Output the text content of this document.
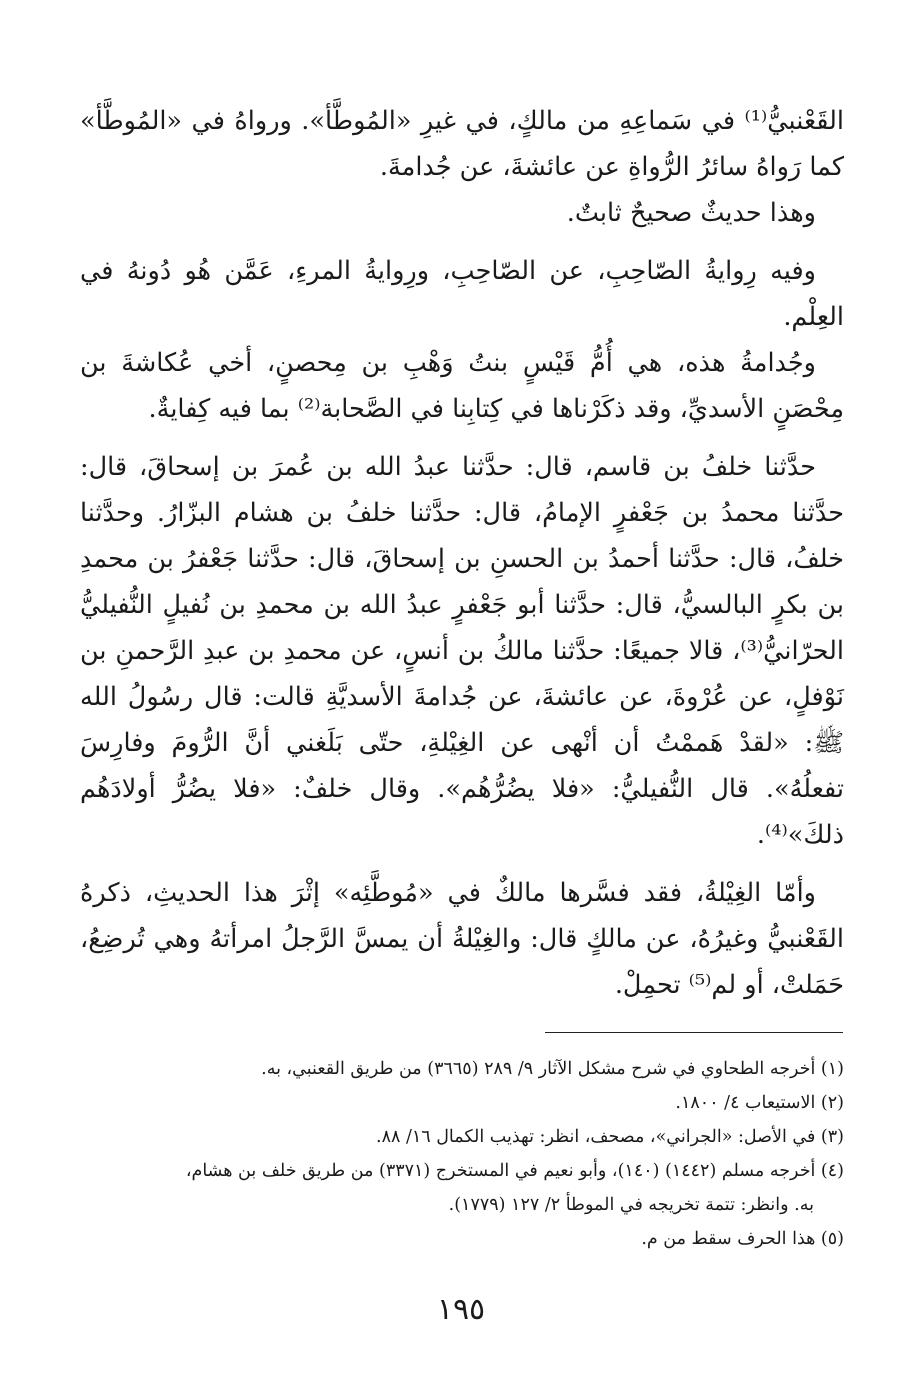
القَعْنبيُّ⁽¹⁾ في سَماعِهِ من مالكٍ، في غيرِ «المُوطَّأ». ورواهُ في «المُوطَّأ» كما رَواهُ سائرُ الرُّواةِ عن عائشةَ، عن جُدامةَ.

وهذا حديثٌ صحيحٌ ثابتٌ.

وفيه رِوايةُ الصّاحِبِ، عن الصّاحِبِ، ورِوايةُ المرءِ، عَمَّن هُو دُونهُ في العِلْم.

وجُدامةُ هذه، هي أُمُّ قَيْسٍ بنتُ وَهْبِ بن مِحصنٍ، أخي عُكاشةَ بن مِحْصَنٍ الأسديِّ، وقد ذكَرْناها في كِتابِنا في الصَّحابة⁽²⁾ بما فيه كِفايةٌ.

حدَّثنا خلفُ بن قاسم، قال: حدَّثنا عبدُ الله بن عُمرَ بن إسحاقَ، قال: حدَّثنا محمدُ بن جَعْفرٍ الإمامُ، قال: حدَّثنا خلفُ بن هشام البزّارُ. وحدَّثنا خلفُ، قال: حدَّثنا أحمدُ بن الحسنِ بن إسحاقَ، قال: حدَّثنا جَعْفرُ بن محمدِ بن بكرٍ البالسيُّ، قال: حدَّثنا أبو جَعْفرٍ عبدُ الله بن محمدِ بن نُفيلٍ النُّفيليُّ الحرّانيُّ⁽³⁾، قالا جميعًا: حدَّثنا مالكُ بن أنسٍ، عن محمدِ بن عبدِ الرَّحمنِ بن نَوْفلٍ، عن عُرْوةَ، عن عائشةَ، عن جُدامةَ الأسديَّةِ قالت: قال رسُولُ الله ﷺ: «لقدْ هَممْتُ أن أنْهى عن الغِيْلةِ، حتّى بَلَغني أنَّ الرُّومَ وفارِسَ تفعلُهُ». قال النُّفيليُّ: «فلا يضُرُّهُم». وقال خلفٌ: «فلا يضُرُّ أولادَهُم ذلكَ»⁽⁴⁾.

وأمّا الغِيْلةُ، فقد فسَّرها مالكٌ في «مُوطَّئِه» إثْرَ هذا الحديثِ، ذكرهُ القَعْنبيُّ وغيرُهُ، عن مالكٍ قال: والغِيْلةُ أن يمسَّ الرَّجلُ امرأتهُ وهي تُرضِعُ، حَمَلتْ، أو لم⁽⁵⁾ تحمِلْ.

(١) أخرجه الطحاوي في شرح مشكل الآثار ٩/ ٢٨٩ (٣٦٦٥) من طريق القعنبي، به.

(٢) الاستيعاب ٤/ ١٨٠٠.

(٣) في الأصل: «الجراني»، مصحف، انظر: تهذيب الكمال ١٦/ ٨٨.

(٤) أخرجه مسلم (١٤٤٢) (١٤٠)، وأبو نعيم في المستخرج (٣٣٧١) من طريق خلف بن هشام،

به. وانظر: تتمة تخريجه في الموطأ ٢/ ١٢٧ (١٧٧٩).

(٥) هذا الحرف سقط من م.

١٩٥
